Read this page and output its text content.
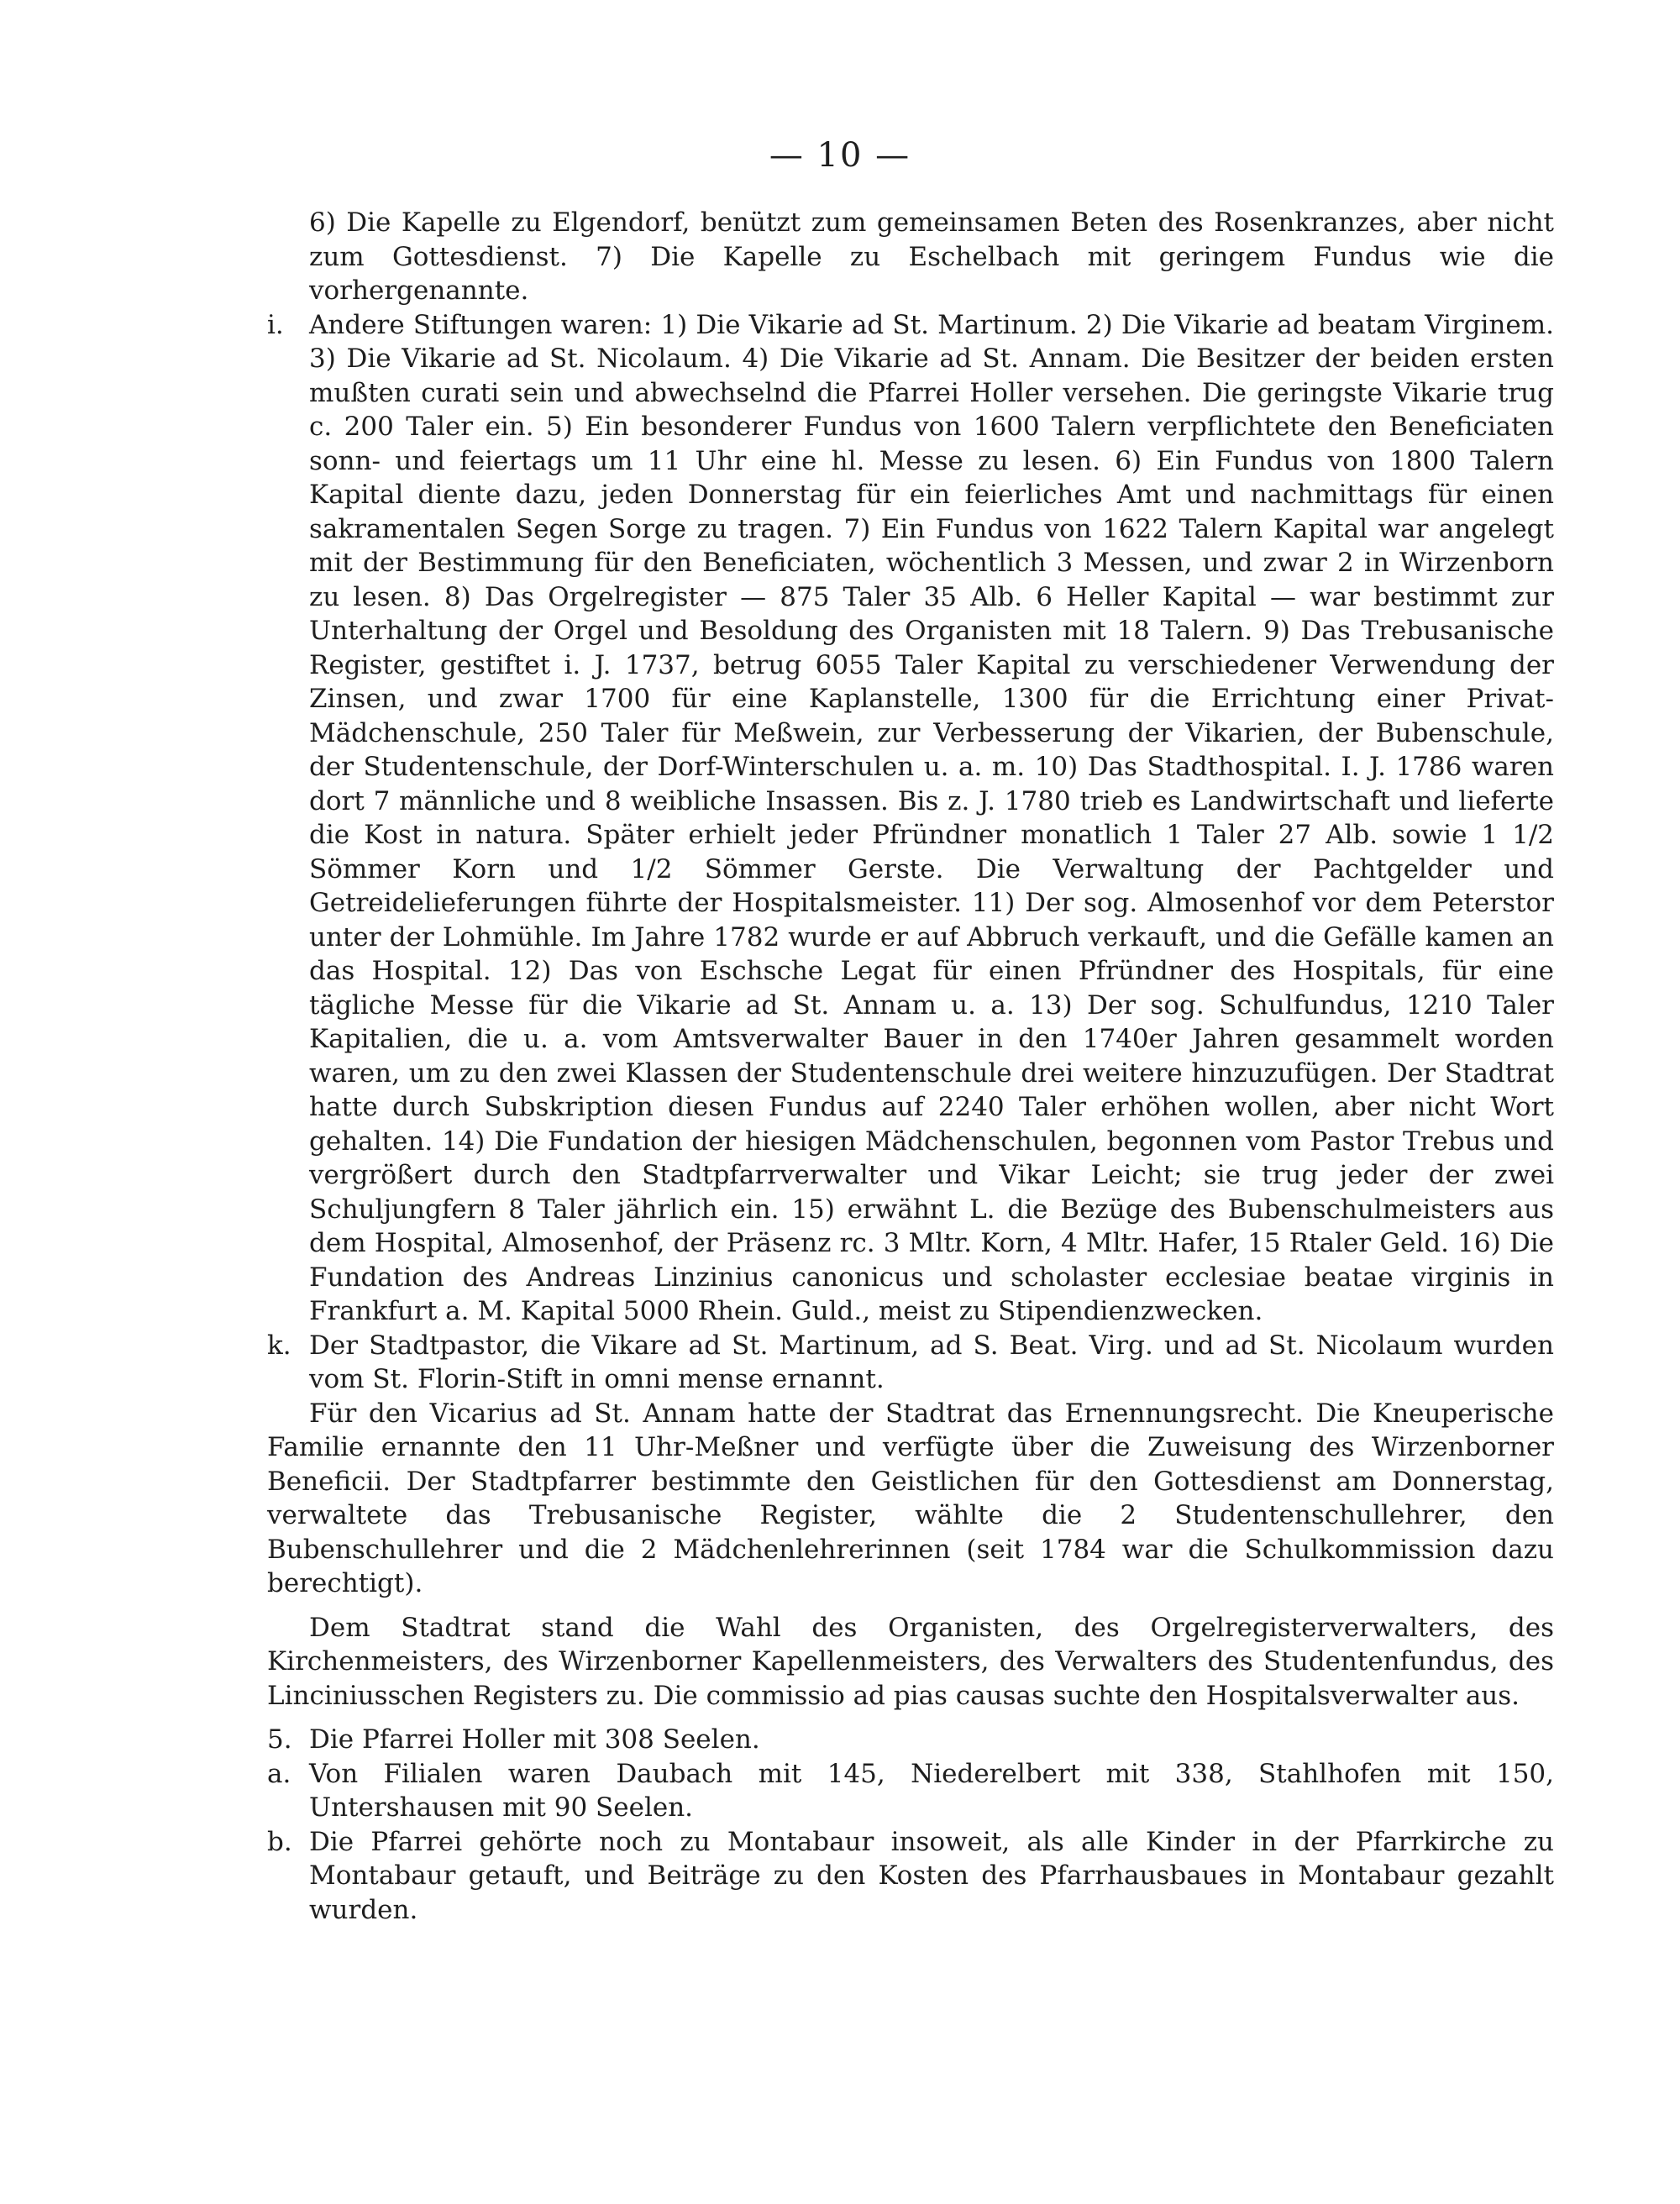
— 10 —

6) Die Kapelle zu Elgendorf, benützt zum gemeinsamen Beten des Rosenkranzes, aber nicht zum Gottesdienst. 7) Die Kapelle zu Eschelbach mit geringem Fundus wie die vorhergenannte.

i. Andere Stiftungen waren: 1) Die Vikarie ad St. Martinum. 2) Die Vikarie ad beatam Virginem. 3) Die Vikarie ad St. Nicolaum. 4) Die Vikarie ad St. Annam. Die Besitzer der beiden ersten mußten curati sein und abwechselnd die Pfarrei Holler versehen. Die geringste Vikarie trug c. 200 Taler ein. 5) Ein besonderer Fundus von 1600 Talern verpflichtete den Beneficiaten sonn- und feiertags um 11 Uhr eine hl. Messe zu lesen. 6) Ein Fundus von 1800 Talern Kapital diente dazu, jeden Donnerstag für ein feierliches Amt und nachmittags für einen sakramentalen Segen Sorge zu tragen. 7) Ein Fundus von 1622 Talern Kapital war angelegt mit der Bestimmung für den Beneficiaten, wöchentlich 3 Messen, und zwar 2 in Wirzenborn zu lesen. 8) Das Orgelregister — 875 Taler 35 Alb. 6 Heller Kapital — war bestimmt zur Unterhaltung der Orgel und Besoldung des Organisten mit 18 Talern. 9) Das Trebusanische Register, gestiftet i. J. 1737, betrug 6055 Taler Kapital zu verschiedener Verwendung der Zinsen, und zwar 1700 für eine Kaplanstelle, 1300 für die Errichtung einer Privat-Mädchenschule, 250 Taler für Meßwein, zur Verbesserung der Vikarien, der Bubenschule, der Studentenschule, der Dorf-Winterschulen u. a. m. 10) Das Stadthospital. I. J. 1786 waren dort 7 männliche und 8 weibliche Insassen. Bis z. J. 1780 trieb es Landwirtschaft und lieferte die Kost in natura. Später erhielt jeder Pfründner monatlich 1 Taler 27 Alb. sowie 1 1/2 Sömmer Korn und 1/2 Sömmer Gerste. Die Verwaltung der Pachtgelder und Getreidelieferungen führte der Hospitalsmeister. 11) Der sog. Almosenhof vor dem Peterstor unter der Lohmühle. Im Jahre 1782 wurde er auf Abbruch verkauft, und die Gefälle kamen an das Hospital. 12) Das von Eschsche Legat für einen Pfründner des Hospitals, für eine tägliche Messe für die Vikarie ad St. Annam u. a. 13) Der sog. Schulfundus, 1210 Taler Kapitalien, die u. a. vom Amtsverwalter Bauer in den 1740er Jahren gesammelt worden waren, um zu den zwei Klassen der Studentenschule drei weitere hinzuzufügen. Der Stadtrat hatte durch Subskription diesen Fundus auf 2240 Taler erhöhen wollen, aber nicht Wort gehalten. 14) Die Fundation der hiesigen Mädchenschulen, begonnen vom Pastor Trebus und vergrößert durch den Stadtpfarrverwalter und Vikar Leicht; sie trug jeder der zwei Schuljungfern 8 Taler jährlich ein. 15) erwähnt L. die Bezüge des Bubenschulmeisters aus dem Hospital, Almosenhof, der Präsenz rc. 3 Mltr. Korn, 4 Mltr. Hafer, 15 Rtaler Geld. 16) Die Fundation des Andreas Linzinius canonicus und scholaster ecclesiae beatae virginis in Frankfurt a. M. Kapital 5000 Rhein. Guld., meist zu Stipendienzwecken.
k. Der Stadtpastor, die Vikare ad St. Martinum, ad S. Beat. Virg. und ad St. Nicolaum wurden vom St. Florin-Stift in omni mense ernannt.

Für den Vicarius ad St. Annam hatte der Stadtrat das Ernennungsrecht. Die Kneuperische Familie ernannte den 11 Uhr-Meßner und verfügte über die Zuweisung des Wirzenborner Beneficii. Der Stadtpfarrer bestimmte den Geistlichen für den Gottesdienst am Donnerstag, verwaltete das Trebusanische Register, wählte die 2 Studentenschullehrer, den Bubenschullehrer und die 2 Mädchenlehrerinnen (seit 1784 war die Schulkommission dazu berechtigt).

Dem Stadtrat stand die Wahl des Organisten, des Orgelregisterverwalters, des Kirchenmeisters, des Wirzenborner Kapellenmeisters, des Verwalters des Studentenfundus, des Linciniusschen Registers zu. Die commissio ad pias causas suchte den Hospitalsverwalter aus.

5. Die Pfarrei Holler mit 308 Seelen.
a. Von Filialen waren Daubach mit 145, Niederelbert mit 338, Stahlhofen mit 150, Untershausen mit 90 Seelen.
b. Die Pfarrei gehörte noch zu Montabaur insoweit, als alle Kinder in der Pfarrkirche zu Montabaur getauft, und Beiträge zu den Kosten des Pfarrhausbaues in Montabaur gezahlt wurden.
